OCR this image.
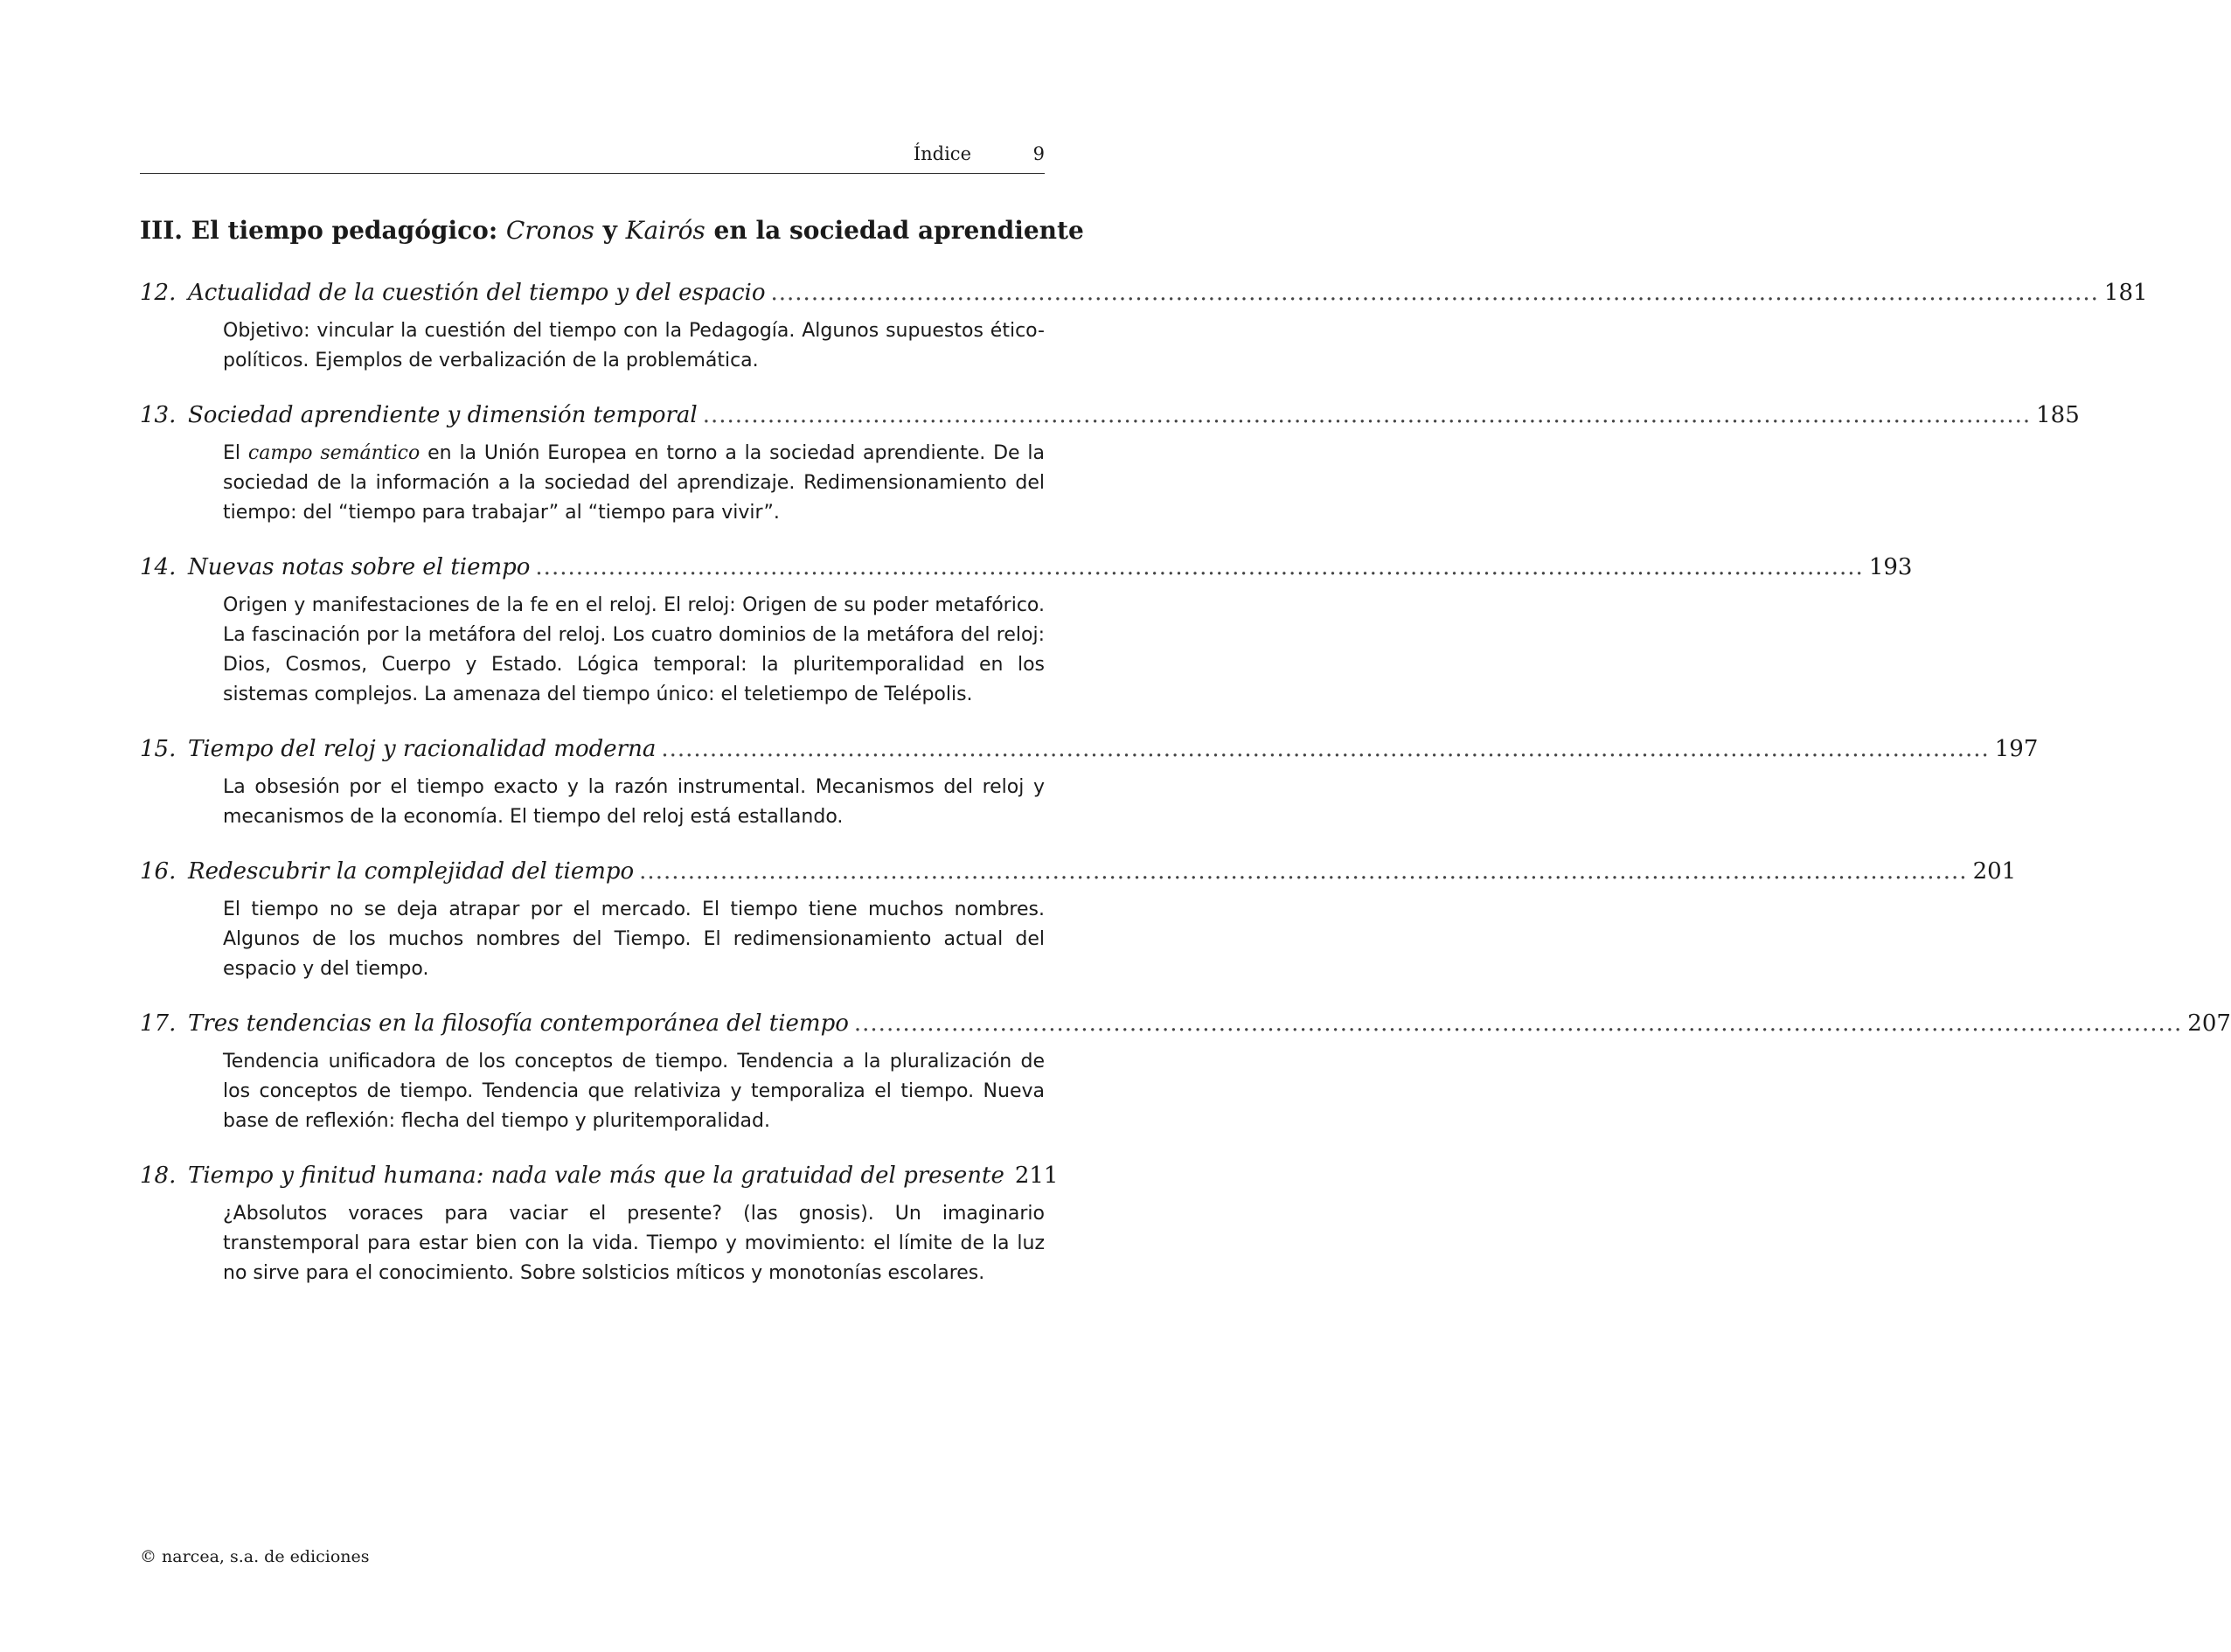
Índice	9
III. El tiempo pedagógico: Cronos y Kairós en la sociedad aprendiente
12. Actualidad de la cuestión del tiempo y del espacio .................................................................................................................................................................... 181

Objetivo: vincular la cuestión del tiempo con la Pedagogía. Algunos supuestos ético-políticos. Ejemplos de verbalización de la problemática.

13. Sociedad aprendiente y dimensión temporal .................................................................................................................................................................... 185

El campo semántico en la Unión Europea en torno a la sociedad aprendiente. De la sociedad de la información a la sociedad del aprendizaje. Redimensionamiento del tiempo: del “tiempo para trabajar” al “tiempo para vivir”.

14. Nuevas notas sobre el tiempo .................................................................................................................................................................... 193

Origen y manifestaciones de la fe en el reloj. El reloj: Origen de su poder metafórico. La fascinación por la metáfora del reloj. Los cuatro dominios de la metáfora del reloj: Dios, Cosmos, Cuerpo y Estado. Lógica temporal: la pluritemporalidad en los sistemas complejos. La amenaza del tiempo único: el teletiempo de Telépolis.

15. Tiempo del reloj y racionalidad moderna .................................................................................................................................................................... 197

La obsesión por el tiempo exacto y la razón instrumental. Mecanismos del reloj y mecanismos de la economía. El tiempo del reloj está estallando.

16. Redescubrir la complejidad del tiempo .................................................................................................................................................................... 201

El tiempo no se deja atrapar por el mercado. El tiempo tiene muchos nombres. Algunos de los muchos nombres del Tiempo. El redimensionamiento actual del espacio y del tiempo.

17. Tres tendencias en la filosofía contemporánea del tiempo .................................................................................................................................................................... 207

Tendencia unificadora de los conceptos de tiempo. Tendencia a la pluralización de los conceptos de tiempo. Tendencia que relativiza y temporaliza el tiempo. Nueva base de reflexión: flecha del tiempo y pluritemporalidad.

18. Tiempo y finitud humana: nada vale más que la gratuidad del presente 211

¿Absolutos voraces para vaciar el presente? (las gnosis). Un imaginario transtemporal para estar bien con la vida. Tiempo y movimiento: el límite de la luz no sirve para el conocimiento. Sobre solsticios míticos y monotonías escolares.

© narcea, s.a. de ediciones
